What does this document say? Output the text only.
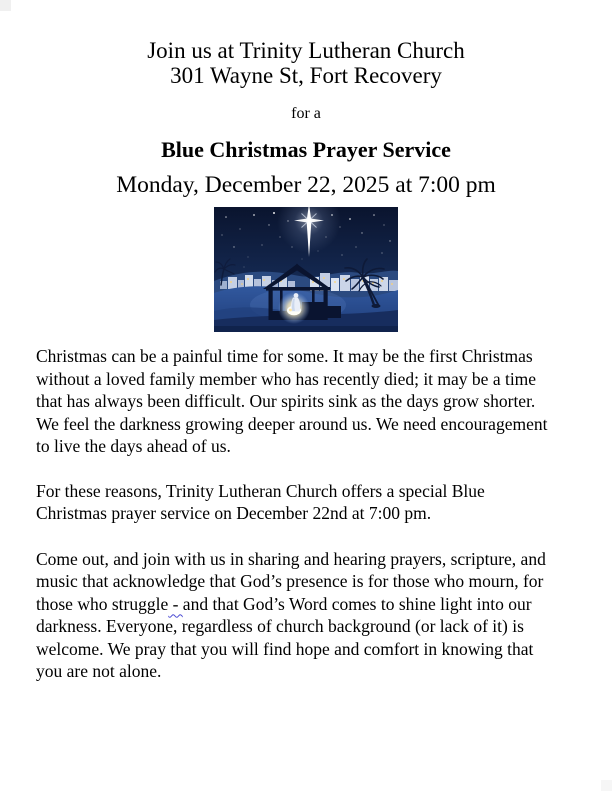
Join us at Trinity Lutheran Church
301 Wayne St, Fort Recovery
for a
Blue Christmas Prayer Service
Monday, December 22, 2025 at 7:00 pm

Christmas can be a painful time for some. It may be the first Christmas
without a loved family member who has recently died; it may be a time
that has always been difficult. Our spirits sink as the days grow shorter.
We feel the darkness growing deeper around us. We need encouragement
to live the days ahead of us.

For these reasons, Trinity Lutheran Church offers a special Blue
Christmas prayer service on December 22nd at 7:00 pm.

Come out, and join with us in sharing and hearing prayers, scripture, and
music that acknowledge that God’s presence is for those who mourn, for
those who struggle - and that God’s Word comes to shine light into our
darkness. Everyone, regardless of church background (or lack of it) is
welcome. We pray that you will find hope and comfort in knowing that
you are not alone.
